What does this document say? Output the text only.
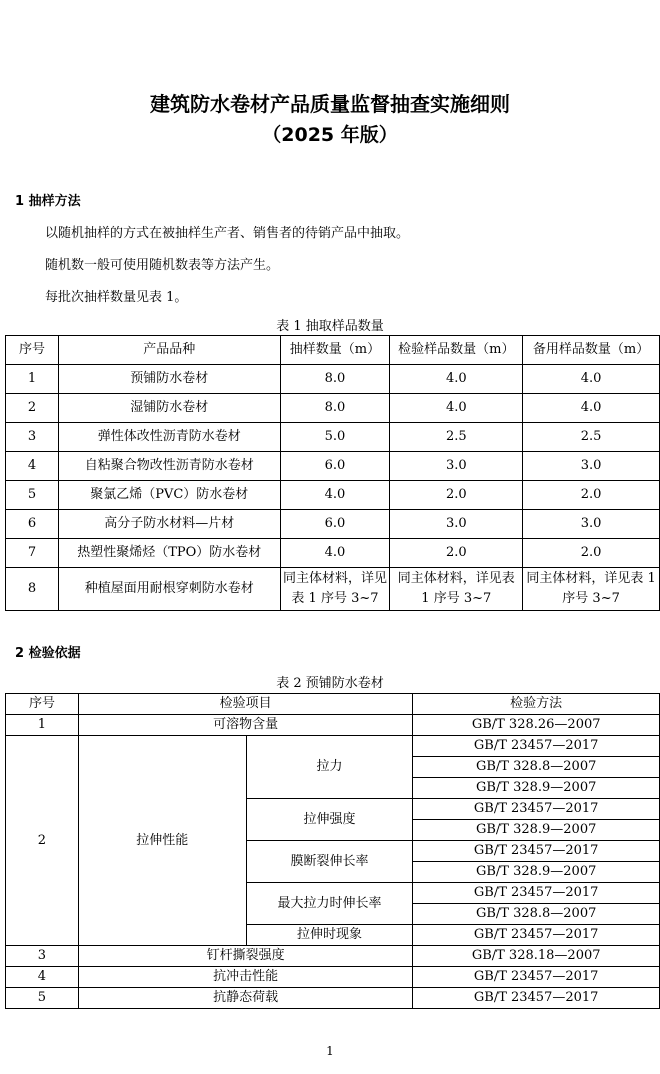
建筑防水卷材产品质量监督抽查实施细则
（2025 年版）
1 抽样方法
以随机抽样的方式在被抽样生产者、销售者的待销产品中抽取。
随机数一般可使用随机数表等方法产生。
每批次抽样数量见表 1。
表 1 抽取样品数量
序号	产品品种	抽样数量（m）	检验样品数量（m）	备用样品数量（m）
1	预铺防水卷材	8.0	4.0	4.0
2	湿铺防水卷材	8.0	4.0	4.0
3	弹性体改性沥青防水卷材	5.0	2.5	2.5
4	自粘聚合物改性沥青防水卷材	6.0	3.0	3.0
5	聚氯乙烯（PVC）防水卷材	4.0	2.0	2.0
6	高分子防水材料—片材	6.0	3.0	3.0
7	热塑性聚烯烃（TPO）防水卷材	4.0	2.0	2.0
8	种植屋面用耐根穿刺防水卷材	同主体材料，详见表 1 序号 3~7	同主体材料，详见表 1 序号 3~7	同主体材料，详见表 1 序号 3~7
2 检验依据
表 2 预铺防水卷材
序号	检验项目		检验方法
1	可溶物含量		GB/T 328.26—2007
2	拉伸性能	拉力	GB/T 23457—2017
			GB/T 328.8—2007
			GB/T 328.9—2007
		拉伸强度	GB/T 23457—2017
			GB/T 328.9—2007
		膜断裂伸长率	GB/T 23457—2017
			GB/T 328.9—2007
		最大拉力时伸长率	GB/T 23457—2017
			GB/T 328.8—2007
		拉伸时现象	GB/T 23457—2017
3	钉杆撕裂强度		GB/T 328.18—2007
4	抗冲击性能		GB/T 23457—2017
5	抗静态荷载		GB/T 23457—2017
1
